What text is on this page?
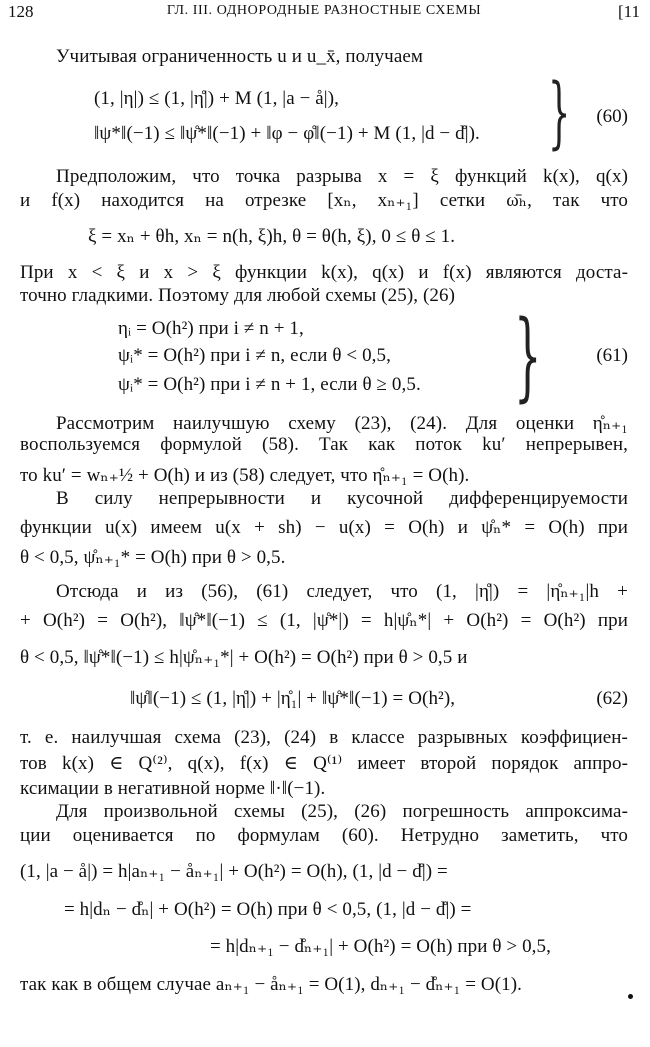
128	ГЛ. III. ОДНОРОДНЫЕ РАЗНОСТНЫЕ СХЕМЫ	[11
Учитывая ограниченность u и u_x̄, получаем
(1, |η|) ≤ (1, |η̊|) + M (1, |a − å|),
‖ψ*‖(−1) ≤ ‖ψ̊*‖(−1) + ‖φ − φ̊‖(−1) + M (1, |d − d̊|).
Предположим, что точка разрыва x = ξ функций k(x), q(x)
и f(x) находится на отрезке [xₙ, xₙ₊₁] сетки ω̄ₕ, так что
ξ = xₙ + θh, xₙ = n(h, ξ)h, θ = θ(h, ξ), 0 ≤ θ ≤ 1.
При x < ξ и x > ξ функции k(x), q(x) и f(x) являются доста-
точно гладкими. Поэтому для любой схемы (25), (26)
ηᵢ = O(h²) при i ≠ n + 1,
ψᵢ* = O(h²) при i ≠ n, если θ < 0,5,
ψᵢ* = O(h²) при i ≠ n + 1, если θ ≥ 0,5.
Рассмотрим наилучшую схему (23), (24). Для оценки η̊ₙ₊₁
воспользуемся формулой (58). Так как поток ku′ непрерывен,
то ku′ = wₙ₊½ + O(h) и из (58) следует, что η̊ₙ₊₁ = O(h).
В силу непрерывности и кусочной дифференцируемости
функции u(x) имеем u(x + sh) − u(x) = O(h) и ψ̊ₙ* = O(h) при
θ < 0,5, ψ̊ₙ₊₁* = O(h) при θ > 0,5.
Отсюда и из (56), (61) следует, что (1, |η̊|) = |η̊ₙ₊₁|h +
+ O(h²) = O(h²), ‖ψ̊*‖(−1) ≤ (1, |ψ̊*|) = h|ψ̊ₙ*| + O(h²) = O(h²) при
θ < 0,5, ‖ψ̊*‖(−1) ≤ h|ψ̊ₙ₊₁*| + O(h²) = O(h²) при θ > 0,5 и
‖ψ̊‖(−1) ≤ (1, |η̊|) + |η̊₁| + ‖ψ̊*‖(−1) = O(h²),
т. е. наилучшая схема (23), (24) в классе разрывных коэффициен-
тов k(x) ∈ Q⁽²⁾, q(x), f(x) ∈ Q⁽¹⁾ имеет второй порядок аппро-
ксимации в негативной норме ‖·‖(−1).
Для произвольной схемы (25), (26) погрешность аппроксима-
ции оценивается по формулам (60). Нетрудно заметить, что
(1, |a − å|) = h|aₙ₊₁ − åₙ₊₁| + O(h²) = O(h), (1, |d − d̊|) =
= h|dₙ − d̊ₙ| + O(h²) = O(h) при θ < 0,5, (1, |d − d̊|) =
= h|dₙ₊₁ − d̊ₙ₊₁| + O(h²) = O(h) при θ > 0,5,
так как в общем случае aₙ₊₁ − åₙ₊₁ = O(1), dₙ₊₁ − d̊ₙ₊₁ = O(1).
(60)
(61)
(62)
}
}
